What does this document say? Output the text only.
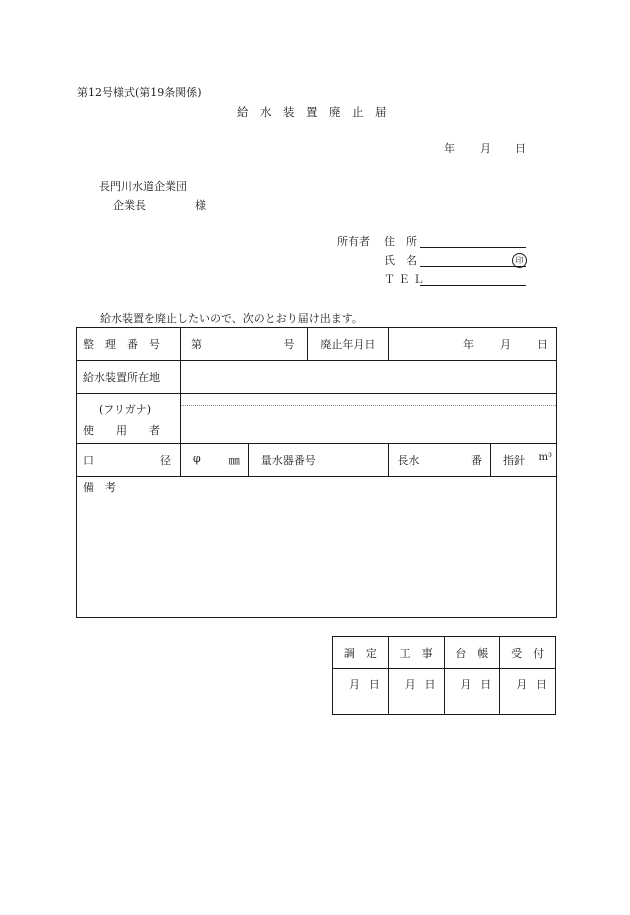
第12号様式(第19条関係)
給　水　装　置　廃　止　届
年 月 日
長門川水道企業団
企業長	様
所有者 住　所
氏　名	印
Ｔ Ｅ Ｌ
給水装置を廃止したいので、次のとおり届け出ます。
整　理　番　号	第 号		廃止年月日	年 月 日	

給水装置所在地					

(フリガナ)
使　　用　　者					

口　　　　　　径	φ ㎜	量水器番号		長水 番	指針 m³

備　考					
調　定	工　事	台　帳	受　付

月 日	月 日	月 日	月 日
